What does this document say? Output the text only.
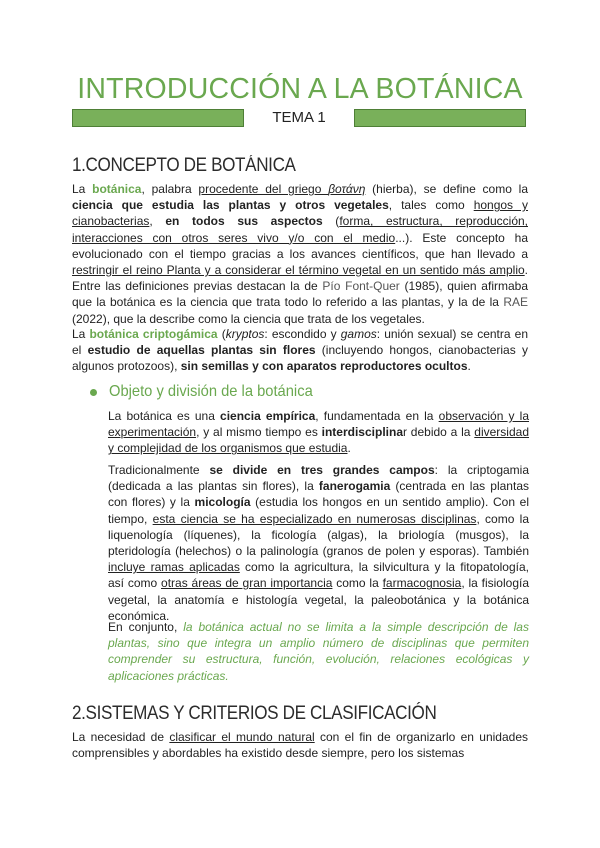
INTRODUCCIÓN A LA BOTÁNICA
TEMA 1
1.CONCEPTO DE BOTÁNICA

La botánica, palabra procedente del griego βοτάνη (hierba), se define como la ciencia que estudia las plantas y otros vegetales, tales como hongos y cianobacterias, en todos sus aspectos (forma, estructura, reproducción, interacciones con otros seres vivo y/o con el medio...). Este concepto ha evolucionado con el tiempo gracias a los avances científicos, que han llevado a restringir el reino Planta y a considerar el término vegetal en un sentido más amplio. Entre las definiciones previas destacan la de Pío Font-Quer (1985), quien afirmaba que la botánica es la ciencia que trata todo lo referido a las plantas, y la de la RAE (2022), que la describe como la ciencia que trata de los vegetales.

La botánica criptogámica (kryptos: escondido y gamos: unión sexual) se centra en el estudio de aquellas plantas sin flores (incluyendo hongos, cianobacterias y algunos protozoos), sin semillas y con aparatos reproductores ocultos.

Objeto y división de la botánica

La botánica es una ciencia empírica, fundamentada en la observación y la experimentación, y al mismo tiempo es interdisciplinar debido a la diversidad y complejidad de los organismos que estudia.

Tradicionalmente se divide en tres grandes campos: la criptogamia (dedicada a las plantas sin flores), la fanerogamia (centrada en las plantas con flores) y la micología (estudia los hongos en un sentido amplio). Con el tiempo, esta ciencia se ha especializado en numerosas disciplinas, como la liquenología (líquenes), la ficología (algas), la briología (musgos), la pteridología (helechos) o la palinología (granos de polen y esporas). También incluye ramas aplicadas como la agricultura, la silvicultura y la fitopatología, así como otras áreas de gran importancia como la farmacognosia, la fisiología vegetal, la anatomía e histología vegetal, la paleobotánica y la botánica económica.

En conjunto, la botánica actual no se limita a la simple descripción de las plantas, sino que integra un amplio número de disciplinas que permiten comprender su estructura, función, evolución, relaciones ecológicas y aplicaciones prácticas.

2.SISTEMAS Y CRITERIOS DE CLASIFICACIÓN

La necesidad de clasificar el mundo natural con el fin de organizarlo en unidades comprensibles y abordables ha existido desde siempre, pero los sistemas
